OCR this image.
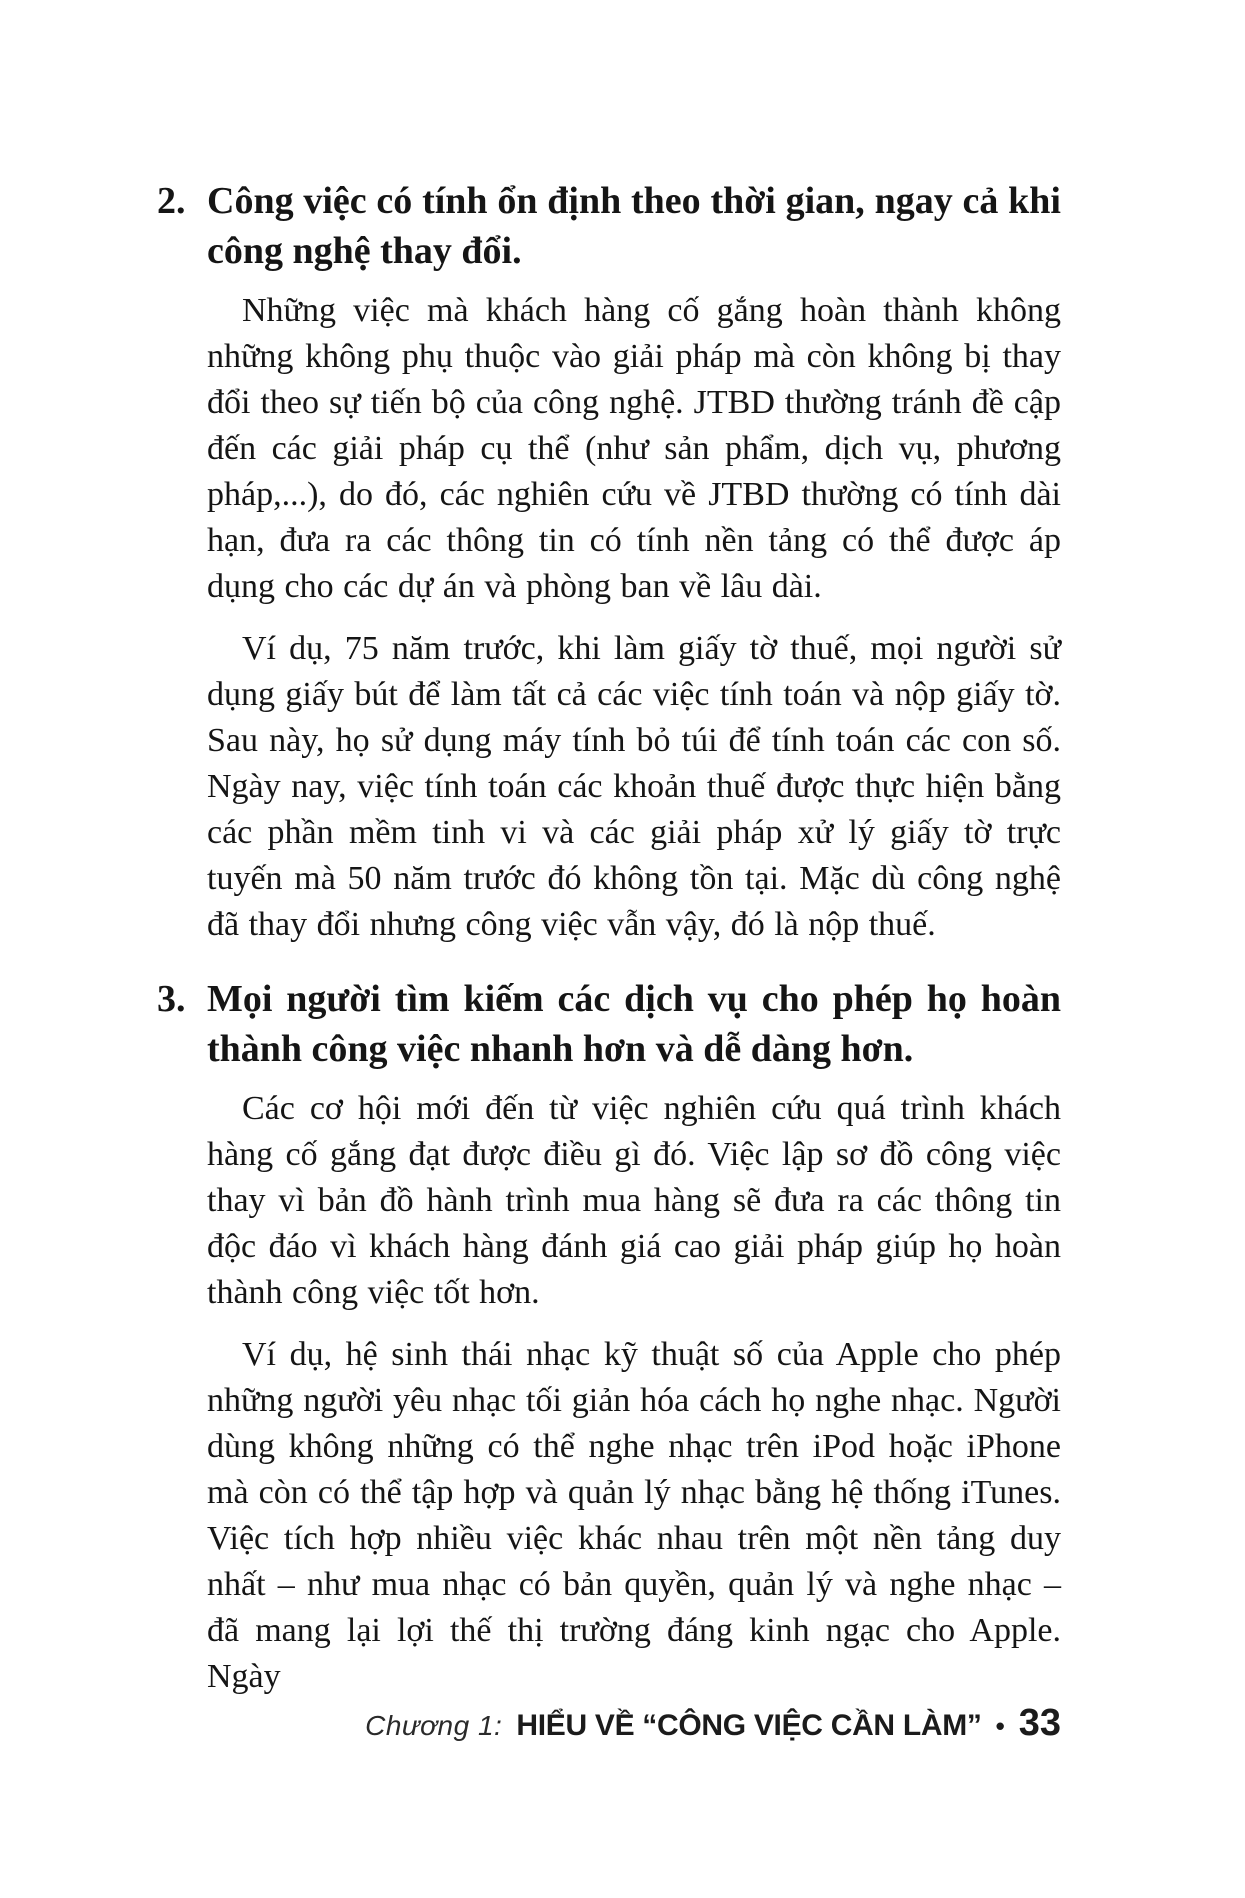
2. Công việc có tính ổn định theo thời gian, ngay cả khi công nghệ thay đổi.

Những việc mà khách hàng cố gắng hoàn thành không những không phụ thuộc vào giải pháp mà còn không bị thay đổi theo sự tiến bộ của công nghệ. JTBD thường tránh đề cập đến các giải pháp cụ thể (như sản phẩm, dịch vụ, phương pháp,...), do đó, các nghiên cứu về JTBD thường có tính dài hạn, đưa ra các thông tin có tính nền tảng có thể được áp dụng cho các dự án và phòng ban về lâu dài.

Ví dụ, 75 năm trước, khi làm giấy tờ thuế, mọi người sử dụng giấy bút để làm tất cả các việc tính toán và nộp giấy tờ. Sau này, họ sử dụng máy tính bỏ túi để tính toán các con số. Ngày nay, việc tính toán các khoản thuế được thực hiện bằng các phần mềm tinh vi và các giải pháp xử lý giấy tờ trực tuyến mà 50 năm trước đó không tồn tại. Mặc dù công nghệ đã thay đổi nhưng công việc vẫn vậy, đó là nộp thuế.

3. Mọi người tìm kiếm các dịch vụ cho phép họ hoàn thành công việc nhanh hơn và dễ dàng hơn.

Các cơ hội mới đến từ việc nghiên cứu quá trình khách hàng cố gắng đạt được điều gì đó. Việc lập sơ đồ công việc thay vì bản đồ hành trình mua hàng sẽ đưa ra các thông tin độc đáo vì khách hàng đánh giá cao giải pháp giúp họ hoàn thành công việc tốt hơn.

Ví dụ, hệ sinh thái nhạc kỹ thuật số của Apple cho phép những người yêu nhạc tối giản hóa cách họ nghe nhạc. Người dùng không những có thể nghe nhạc trên iPod hoặc iPhone mà còn có thể tập hợp và quản lý nhạc bằng hệ thống iTunes. Việc tích hợp nhiều việc khác nhau trên một nền tảng duy nhất – như mua nhạc có bản quyền, quản lý và nghe nhạc – đã mang lại lợi thế thị trường đáng kinh ngạc cho Apple. Ngày

Chương 1: HIỂU VỀ “CÔNG VIỆC CẦN LÀM” • 33
